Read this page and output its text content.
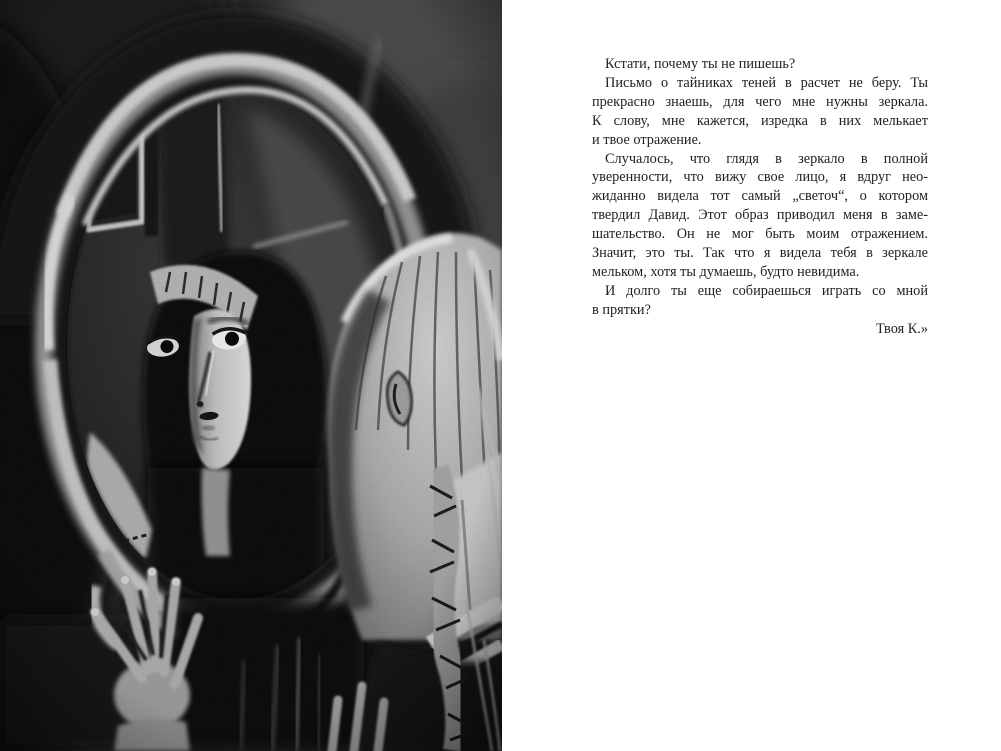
Кстати, почему ты не пишешь?
Письмо о тайниках теней в расчет не беру. Ты
прекрасно знаешь, для чего мне нужны зеркала.
К слову, мне кажется, изредка в них мелькает
и твое отражение.
Случалось, что глядя в зеркало в полной
уверенности, что вижу свое лицо, я вдруг нео-
жиданно видела тот самый „светоч“, о котором
твердил Давид. Этот образ приводил меня в заме-
шательство. Он не мог быть моим отражением.
Значит, это ты. Так что я видела тебя в зеркале
мельком, хотя ты думаешь, будто невидима.
И долго ты еще собираешься играть со мной
в прятки?
Твоя К.»
